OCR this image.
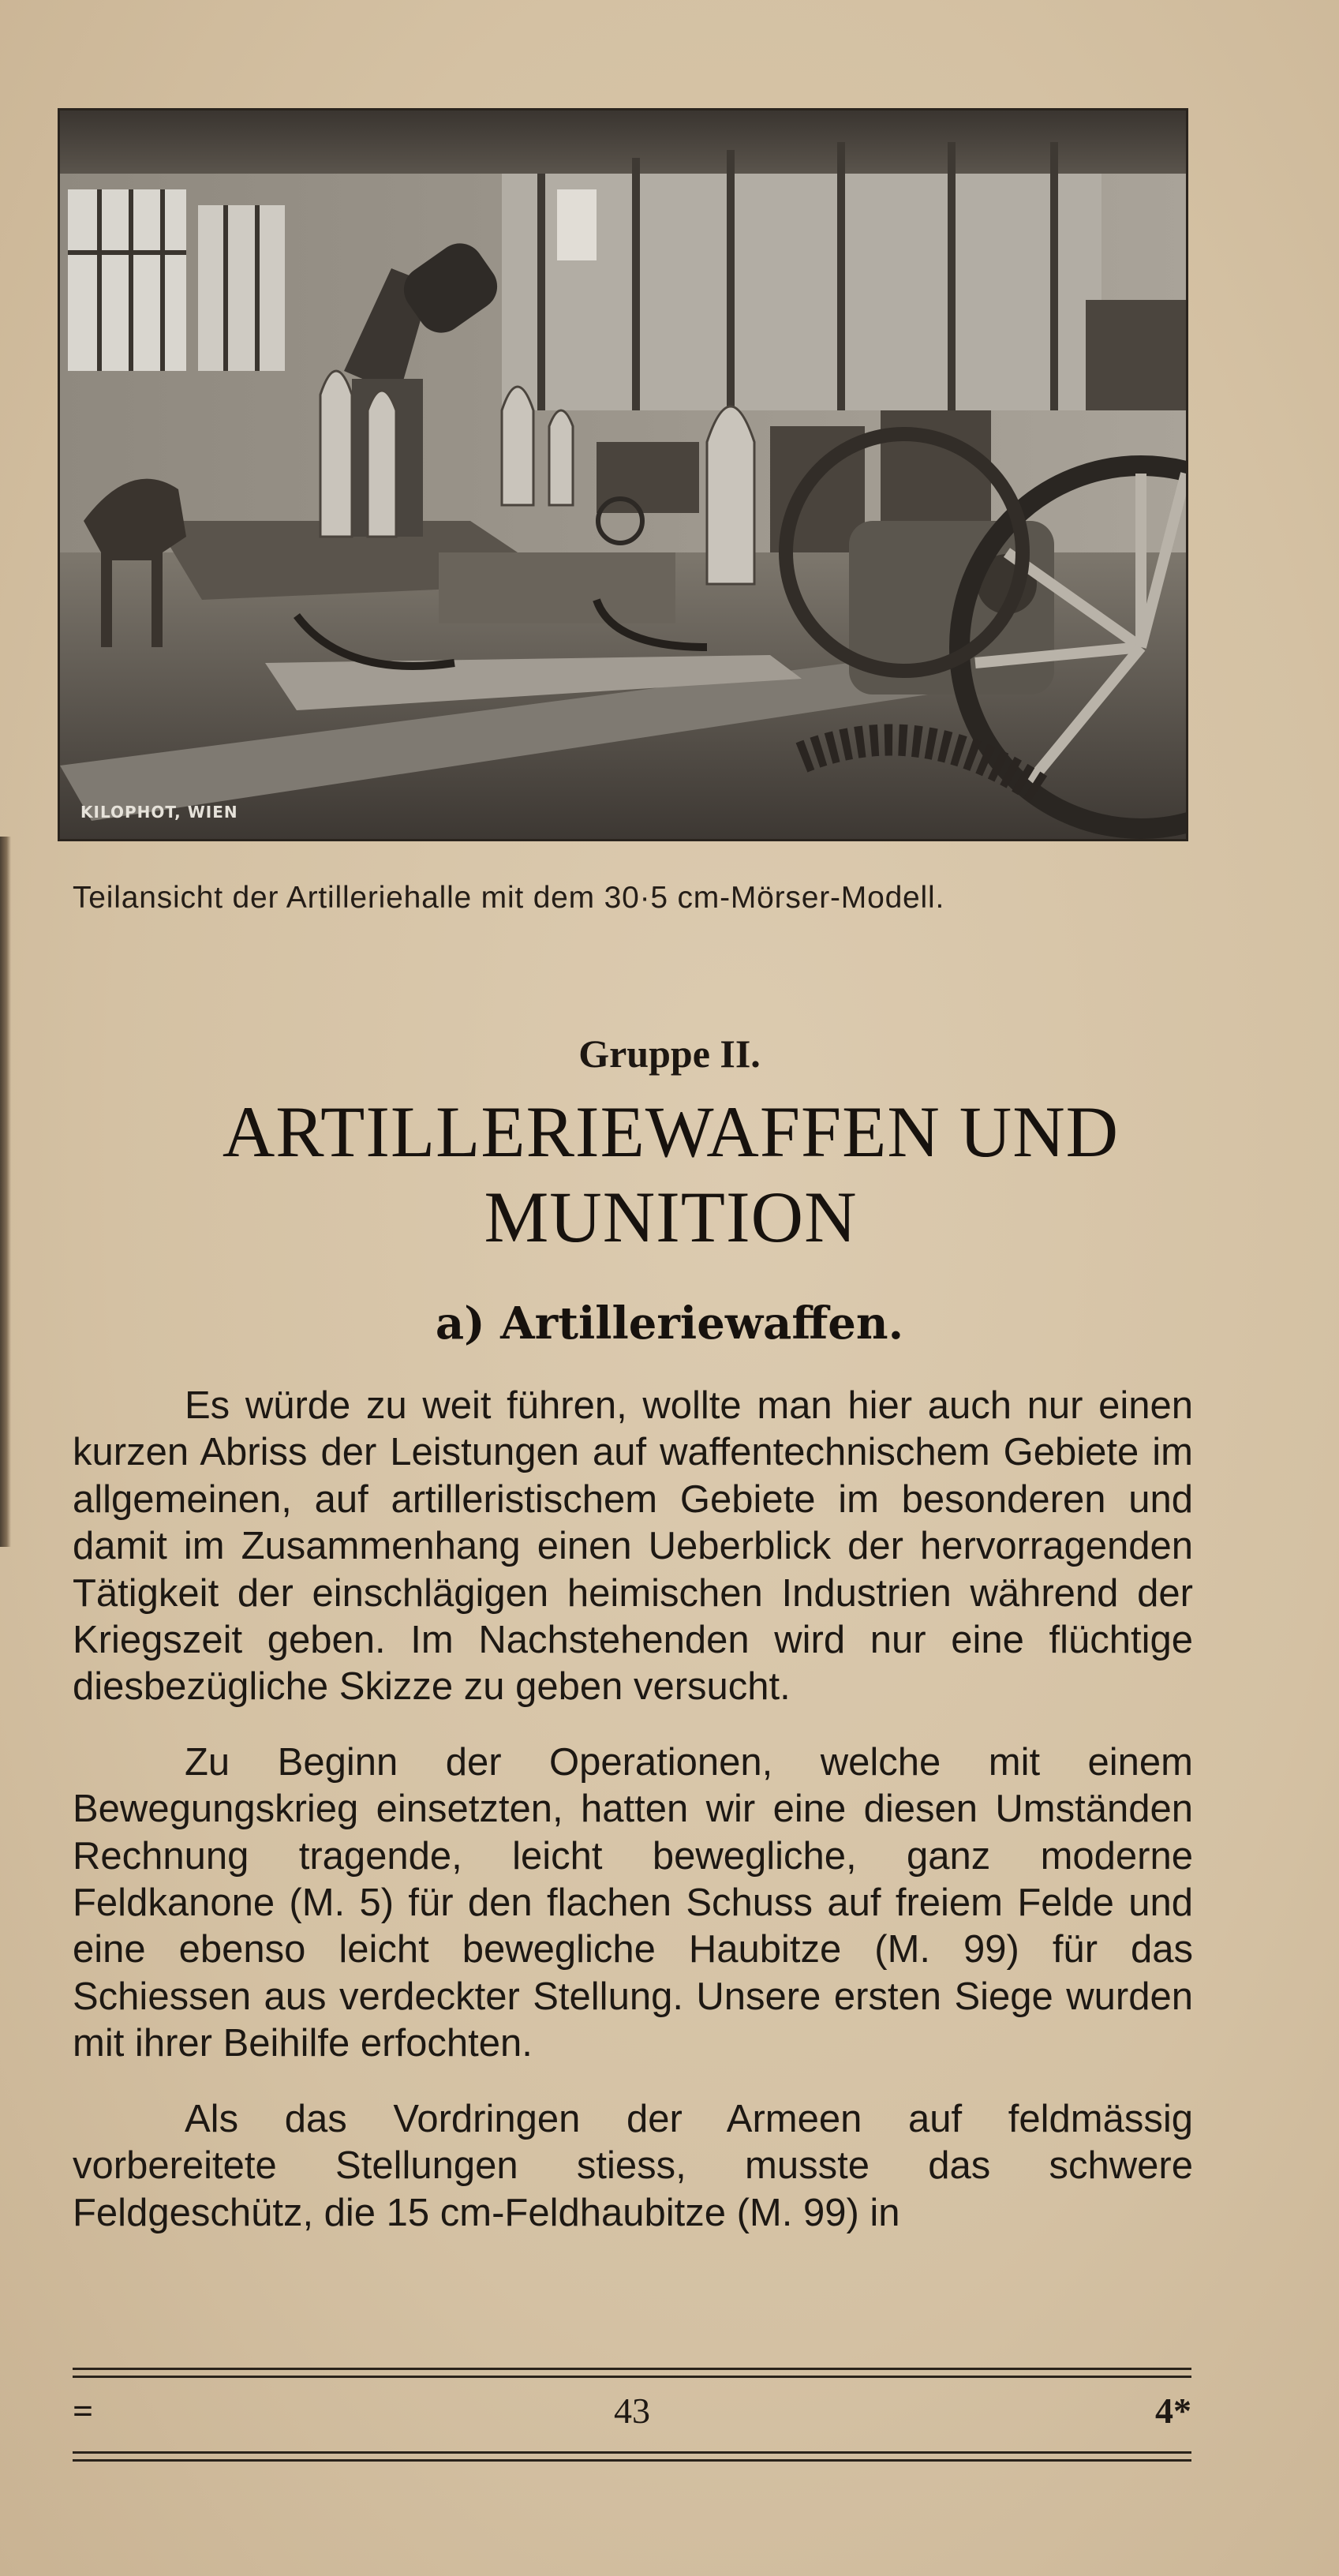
KILOPHOT, WIEN
Teilansicht der Artilleriehalle mit dem 30·5 cm-Mörser-Modell.
Gruppe II.
ARTILLERIEWAFFEN UND
MUNITION
a) Artilleriewaffen.

Es würde zu weit führen, wollte man hier auch nur einen kurzen Abriss der Leistungen auf waffentechnischem Gebiete im allgemeinen, auf artilleristischem Gebiete im besonderen und damit im Zusammenhang einen Ueberblick der hervorragenden Tätigkeit der einschlägigen heimischen Industrien während der Kriegszeit geben. Im Nachstehenden wird nur eine flüchtige diesbezügliche Skizze zu geben versucht.

Zu Beginn der Operationen, welche mit einem Bewegungskrieg einsetzten, hatten wir eine diesen Umständen Rechnung tragende, leicht bewegliche, ganz moderne Feldkanone (M. 5) für den flachen Schuss auf freiem Felde und eine ebenso leicht bewegliche Haubitze (M. 99) für das Schiessen aus verdeckter Stellung. Unsere ersten Siege wurden mit ihrer Beihilfe erfochten.

Als das Vordringen der Armeen auf feldmässig vorbereitete Stellungen stiess, musste das schwere Feldgeschütz, die 15 cm-Feldhaubitze (M. 99) in

=	43	4*
